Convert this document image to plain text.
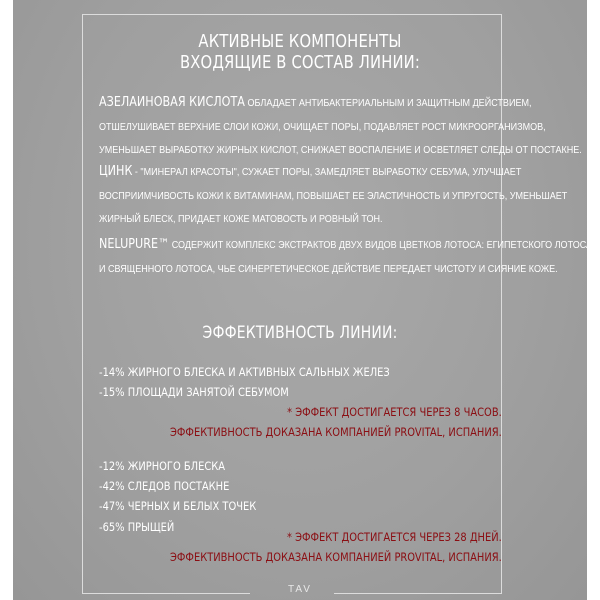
TAV
АКТИВНЫЕ КОМПОНЕНТЫ
ВХОДЯЩИЕ В СОСТАВ ЛИНИИ:
АЗЕЛАИНОВАЯ КИСЛОТА ОБЛАДАЕТ АНТИБАКТЕРИАЛЬНЫМ И ЗАЩИТНЫМ ДЕЙСТВИЕМ,
ОТШЕЛУШИВАЕТ ВЕРХНИЕ СЛОИ КОЖИ, ОЧИЩАЕТ ПОРЫ, ПОДАВЛЯЕТ РОСТ МИКРООРГАНИЗМОВ,
УМЕНЬШАЕТ ВЫРАБОТКУ ЖИРНЫХ КИСЛОТ, СНИЖАЕТ ВОСПАЛЕНИЕ И ОСВЕТЛЯЕТ СЛЕДЫ ОТ ПОСТАКНЕ.
ЦИНК - "МИНЕРАЛ КРАСОТЫ", СУЖАЕТ ПОРЫ, ЗАМЕДЛЯЕТ ВЫРАБОТКУ СЕБУМА, УЛУЧШАЕТ
ВОСПРИИМЧИВОСТЬ КОЖИ К ВИТАМИНАМ, ПОВЫШАЕТ ЕЕ ЭЛАСТИЧНОСТЬ И УПРУГОСТЬ, УМЕНЬШАЕТ
ЖИРНЫЙ БЛЕСК, ПРИДАЕТ КОЖЕ МАТОВОСТЬ И РОВНЫЙ ТОН.
NELUPURE™ СОДЕРЖИТ КОМПЛЕКС ЭКСТРАКТОВ ДВУХ ВИДОВ ЦВЕТКОВ ЛОТОСА: ЕГИПЕТСКОГО ЛОТОСА
И СВЯЩЕННОГО ЛОТОСА, ЧЬЕ СИНЕРГЕТИЧЕСКОЕ ДЕЙСТВИЕ ПЕРЕДАЕТ ЧИСТОТУ И СИЯНИЕ КОЖЕ.
ЭФФЕКТИВНОСТЬ ЛИНИИ:
-14% ЖИРНОГО БЛЕСКА И АКТИВНЫХ САЛЬНЫХ ЖЕЛЕЗ
-15% ПЛОЩАДИ ЗАНЯТОЙ СЕБУМОМ
* ЭФФЕКТ ДОСТИГАЕТСЯ ЧЕРЕЗ 8 ЧАСОВ.
ЭФФЕКТИВНОСТЬ ДОКАЗАНА КОМПАНИЕЙ PROVITAL, ИСПАНИЯ.
-12% ЖИРНОГО БЛЕСКА
-42% СЛЕДОВ ПОСТАКНЕ
-47% ЧЕРНЫХ И БЕЛЫХ ТОЧЕК
-65% ПРЫЩЕЙ
* ЭФФЕКТ ДОСТИГАЕТСЯ ЧЕРЕЗ 28 ДНЕЙ.
ЭФФЕКТИВНОСТЬ ДОКАЗАНА КОМПАНИЕЙ PROVITAL, ИСПАНИЯ.
